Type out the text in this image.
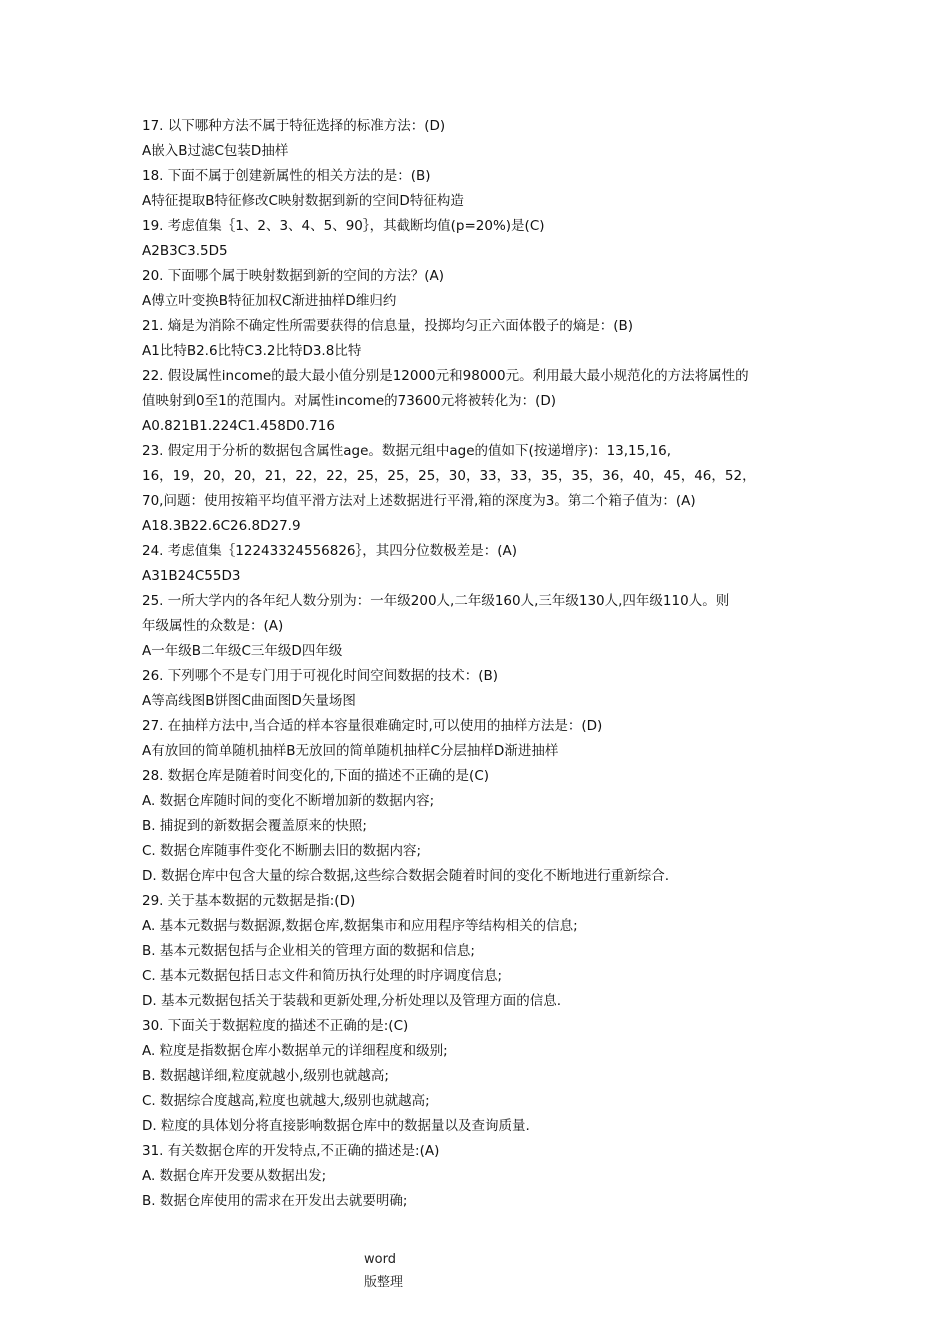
17. 以下哪种方法不属于特征选择的标准方法：(D)
A嵌入B过滤C包装D抽样
18. 下面不属于创建新属性的相关方法的是：(B)
A特征提取B特征修改C映射数据到新的空间D特征构造
19. 考虑值集｛1、2、3、4、5、90｝，其截断均值(p=20%)是(C)
A2B3C3.5D5
20. 下面哪个属于映射数据到新的空间的方法？(A)
A傅立叶变换B特征加权C渐进抽样D维归约
21. 熵是为消除不确定性所需要获得的信息量，投掷均匀正六面体骰子的熵是：(B)
A1比特B2.6比特C3.2比特D3.8比特
22. 假设属性income的最大最小值分别是12000元和98000元。利用最大最小规范化的方法将属性的
值映射到0至1的范围内。对属性income的73600元将被转化为：(D)
A0.821B1.224C1.458D0.716
23. 假定用于分析的数据包含属性age。数据元组中age的值如下(按递增序)：13,15,16,
16，19，20，20，21，22，22，25，25，25，30，33，33，35，35，36，40，45，46，52，
70,问题：使用按箱平均值平滑方法对上述数据进行平滑,箱的深度为3。第二个箱子值为：(A)
A18.3B22.6C26.8D27.9
24. 考虑值集｛12243324556826｝，其四分位数极差是：(A)
A31B24C55D3
25. 一所大学内的各年纪人数分别为：一年级200人,二年级160人,三年级130人,四年级110人。则
年级属性的众数是：(A)
A一年级B二年级C三年级D四年级
26. 下列哪个不是专门用于可视化时间空间数据的技术：(B)
A等高线图B饼图C曲面图D矢量场图
27. 在抽样方法中,当合适的样本容量很难确定时,可以使用的抽样方法是：(D)
A有放回的简单随机抽样B无放回的简单随机抽样C分层抽样D渐进抽样
28. 数据仓库是随着时间变化的,下面的描述不正确的是(C)
A. 数据仓库随时间的变化不断增加新的数据内容;
B. 捕捉到的新数据会覆盖原来的快照;
C. 数据仓库随事件变化不断删去旧的数据内容;
D. 数据仓库中包含大量的综合数据,这些综合数据会随着时间的变化不断地进行重新综合.
29. 关于基本数据的元数据是指:(D)
A. 基本元数据与数据源,数据仓库,数据集市和应用程序等结构相关的信息;
B. 基本元数据包括与企业相关的管理方面的数据和信息;
C. 基本元数据包括日志文件和简历执行处理的时序调度信息;
D. 基本元数据包括关于装载和更新处理,分析处理以及管理方面的信息.
30. 下面关于数据粒度的描述不正确的是:(C)
A. 粒度是指数据仓库小数据单元的详细程度和级别;
B. 数据越详细,粒度就越小,级别也就越高;
C. 数据综合度越高,粒度也就越大,级别也就越高;
D. 粒度的具体划分将直接影响数据仓库中的数据量以及查询质量.
31. 有关数据仓库的开发特点,不正确的描述是:(A)
A. 数据仓库开发要从数据出发;
B. 数据仓库使用的需求在开发出去就要明确;
word
版整理
